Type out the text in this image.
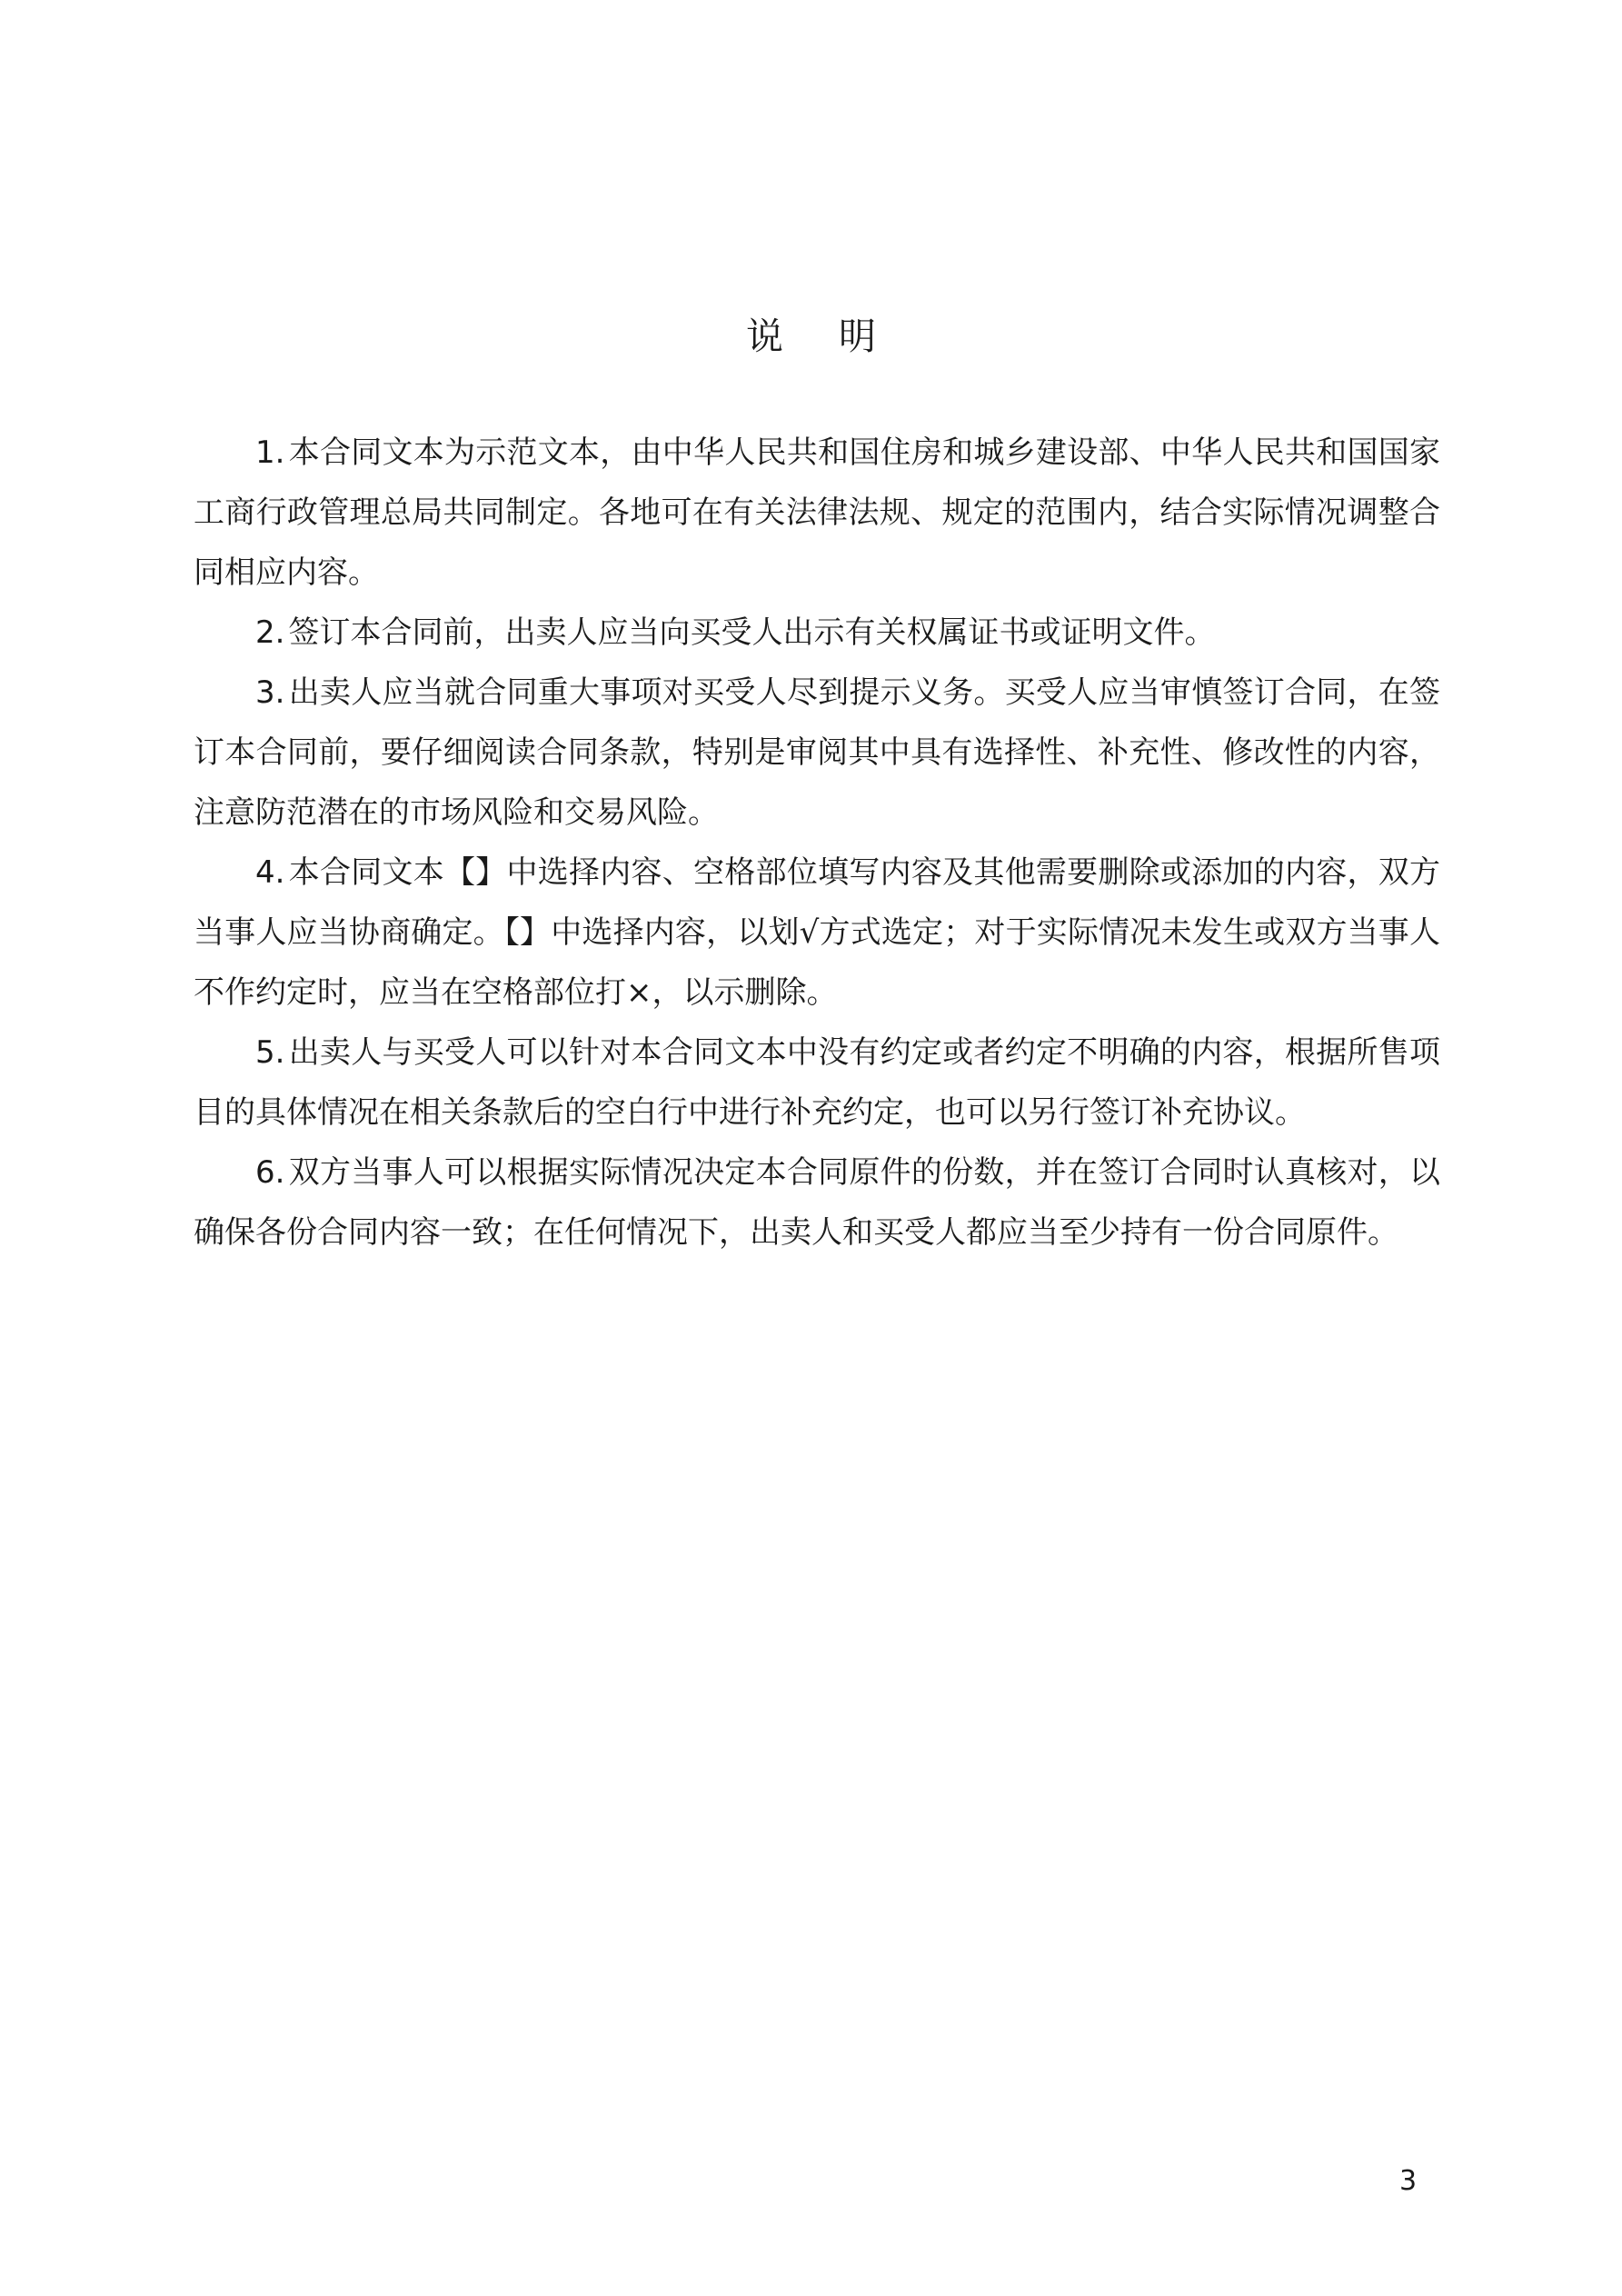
说 明

1. 本合同文本为示范文本，由中华人民共和国住房和城乡建设部、中华人民共和国国家工商行政管理总局共同制定。各地可在有关法律法规、规定的范围内，结合实际情况调整合同相应内容。

2. 签订本合同前，出卖人应当向买受人出示有关权属证书或证明文件。

3. 出卖人应当就合同重大事项对买受人尽到提示义务。买受人应当审慎签订合同，在签订本合同前，要仔细阅读合同条款，特别是审阅其中具有选择性、补充性、修改性的内容，注意防范潜在的市场风险和交易风险。

4. 本合同文本【】中选择内容、空格部位填写内容及其他需要删除或添加的内容，双方当事人应当协商确定。【】中选择内容，以划√方式选定；对于实际情况未发生或双方当事人不作约定时，应当在空格部位打×，以示删除。

5. 出卖人与买受人可以针对本合同文本中没有约定或者约定不明确的内容，根据所售项目的具体情况在相关条款后的空白行中进行补充约定，也可以另行签订补充协议。

6. 双方当事人可以根据实际情况决定本合同原件的份数，并在签订合同时认真核对，以确保各份合同内容一致；在任何情况下，出卖人和买受人都应当至少持有一份合同原件。

3
